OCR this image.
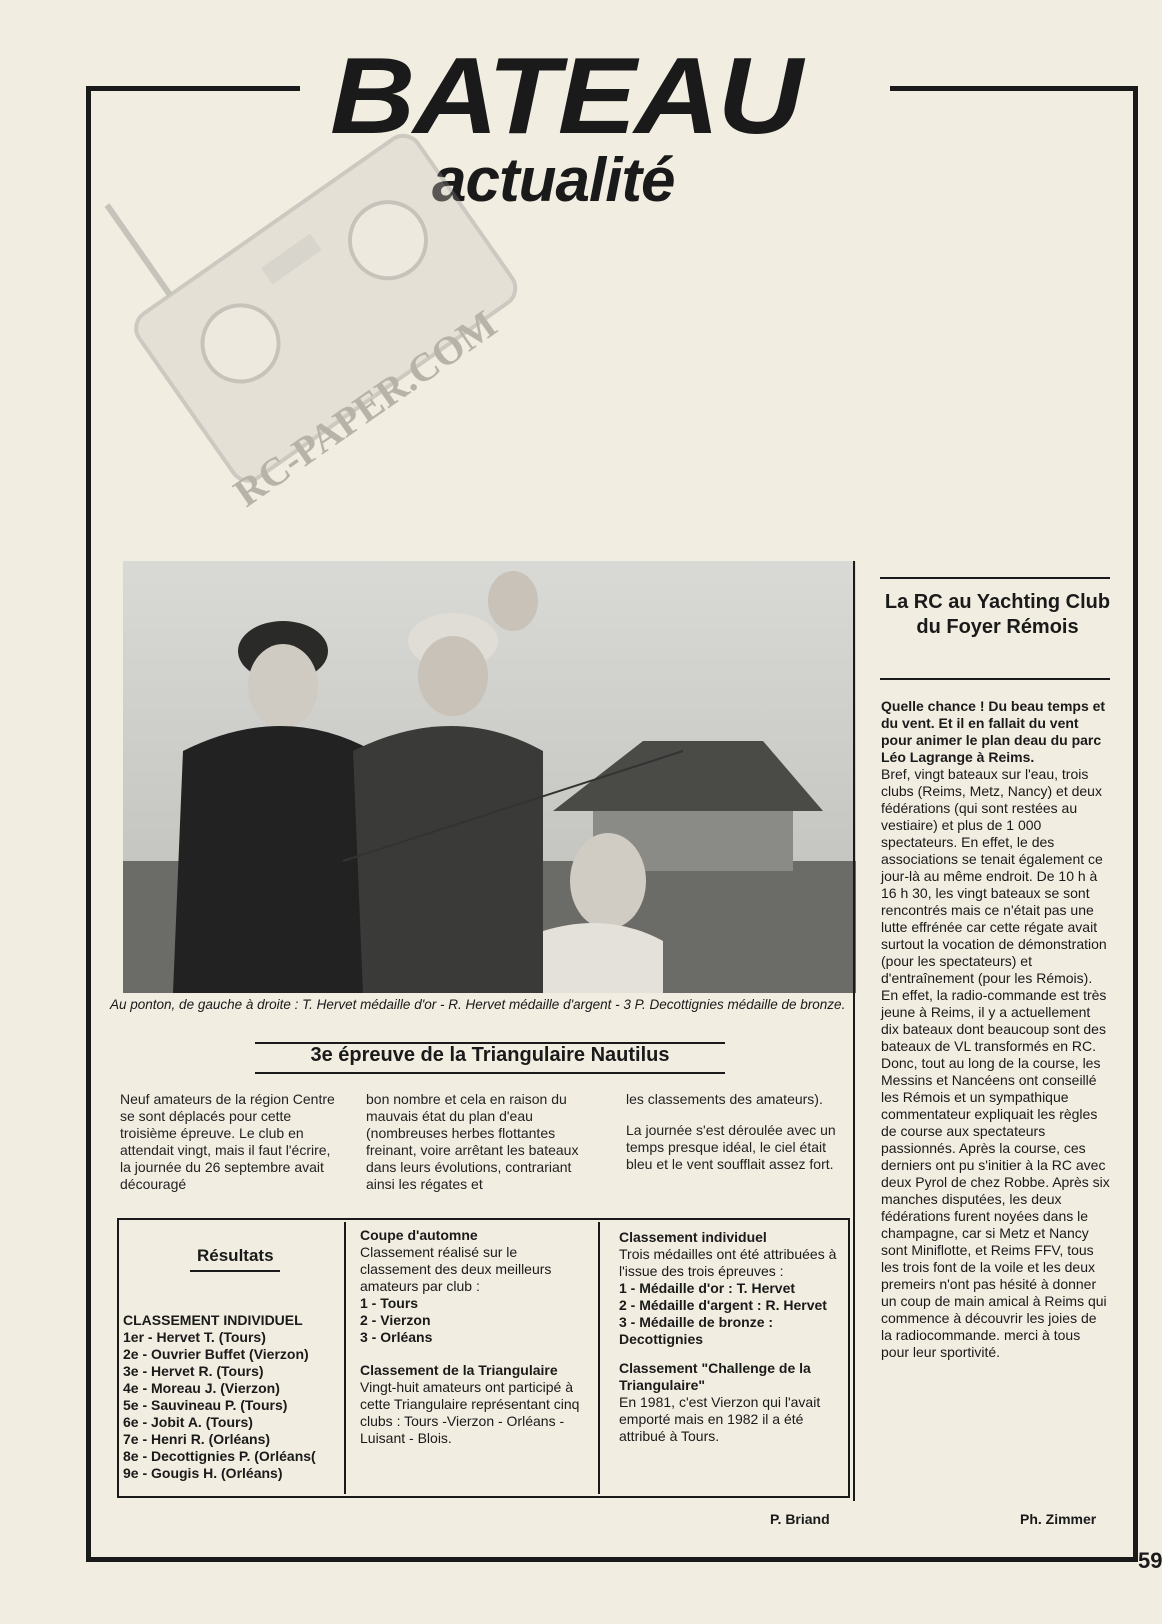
BATEAU
actualité
RC-PAPER.COM
Au ponton, de gauche à droite : T. Hervet médaille d'or - R. Hervet médaille d'argent - 3 P. Decottignies médaille de bronze.
3e épreuve de la Triangulaire Nautilus
Neuf amateurs de la région Centre se sont déplacés pour cette troisième épreuve. Le club en attendait vingt, mais il faut l'écrire, la journée du 26 septembre avait découragé
bon nombre et cela en raison du mauvais état du plan d'eau (nombreuses herbes flottantes freinant, voire arrêtant les bateaux dans leurs évolutions, contrariant ainsi les régates et
les classements des amateurs).
La journée s'est déroulée avec un temps presque idéal, le ciel était bleu et le vent soufflait assez fort.
Résultats
CLASSEMENT INDIVIDUEL
1er - Hervet T. (Tours)
2e - Ouvrier Buffet (Vierzon)
3e - Hervet R. (Tours)
4e - Moreau J. (Vierzon)
5e - Sauvineau P. (Tours)
6e - Jobit A. (Tours)
7e - Henri R. (Orléans)
8e - Decottignies P. (Orléans(
9e - Gougis H. (Orléans)
Coupe d'automne
Classement réalisé sur le classement des deux meilleurs amateurs par club :
1 - Tours
2 - Vierzon
3 - Orléans
Classement de la Triangulaire
Vingt-huit amateurs ont participé à cette Triangulaire représentant cinq clubs : Tours -Vierzon - Orléans - Luisant - Blois.
Classement individuel
Trois médailles ont été attribuées à l'issue des trois épreuves :
1 - Médaille d'or : T. Hervet
2 - Médaille d'argent : R. Hervet
3 - Médaille de bronze : Decottignies
Classement "Challenge de la Triangulaire"
En 1981, c'est Vierzon qui l'avait emporté mais en 1982 il a été attribué à Tours.
P. Briand
La RC au Yachting Club du Foyer Rémois
Quelle chance ! Du beau temps et du vent. Et il en fallait du vent pour animer le plan deau du parc Léo Lagrange à Reims.
Bref, vingt bateaux sur l'eau, trois clubs (Reims, Metz, Nancy) et deux fédérations (qui sont restées au vestiaire) et plus de 1 000 spectateurs. En effet, le des associations se tenait également ce jour-là au même endroit. De 10 h à 16 h 30, les vingt bateaux se sont rencontrés mais ce n'était pas une lutte effrénée car cette régate avait surtout la vocation de démonstration (pour les spectateurs) et d'entraînement (pour les Rémois). En effet, la radio-commande est très jeune à Reims, il y a actuellement dix bateaux dont beaucoup sont des bateaux de VL transformés en RC.
Donc, tout au long de la course, les Messins et Nancéens ont conseillé les Rémois et un sympathique commentateur expliquait les règles de course aux spectateurs passionnés. Après la course, ces derniers ont pu s'initier à la RC avec deux Pyrol de chez Robbe. Après six manches disputées, les deux fédérations furent noyées dans le champagne, car si Metz et Nancy sont Miniflotte, et Reims FFV, tous les trois font de la voile et les deux premeirs n'ont pas hésité à donner un coup de main amical à Reims qui commence à découvrir les joies de la radiocommande. merci à tous pour leur sportivité.
Ph. Zimmer
59
